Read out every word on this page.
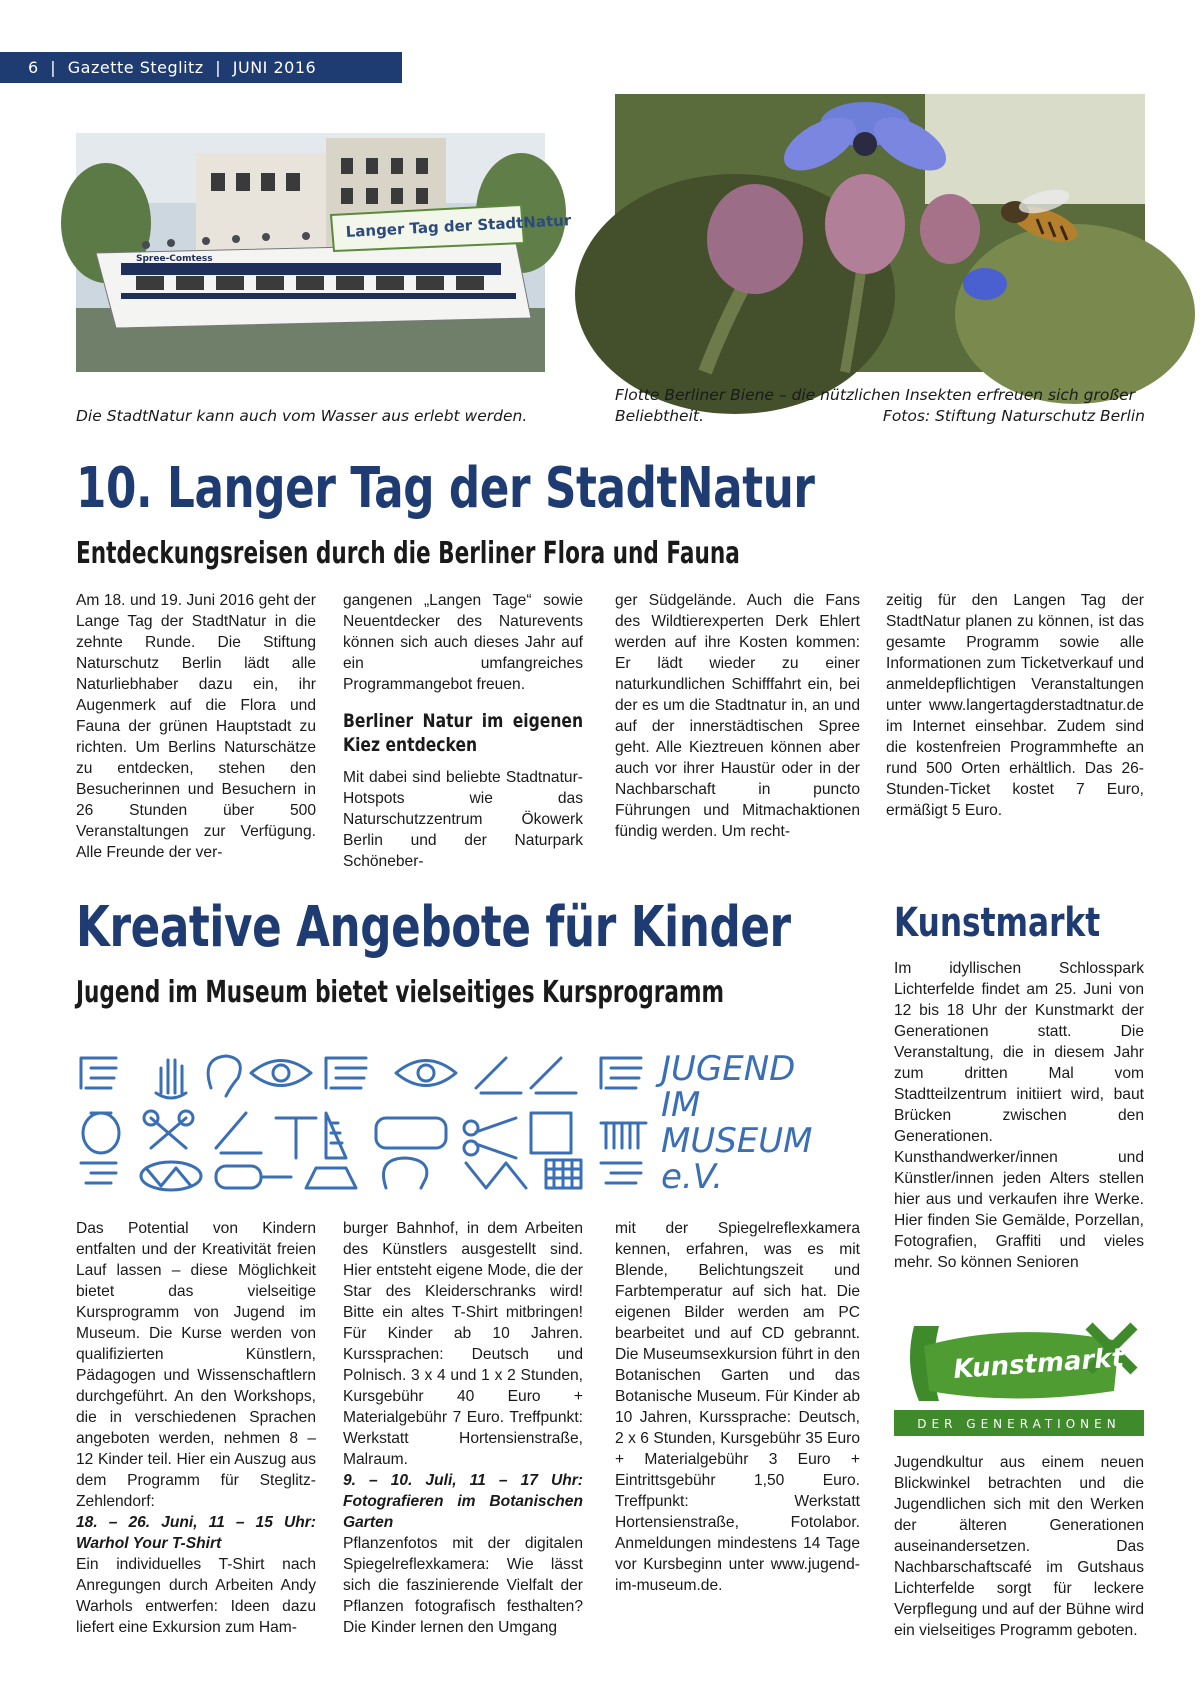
6 | Gazette Steglitz | JUNI 2016
Langer Tag der StadtNatur
Spree-Comtess
Die StadtNatur kann auch vom Wasser aus erlebt werden.
Flotte Berliner Biene – die nützlichen Insekten erfreuen sich großer
Beliebtheit.	Fotos: Stiftung Naturschutz Berlin
10. Langer Tag der StadtNatur
Entdeckungsreisen durch die Berliner Flora und Fauna
Am 18. und 19. Juni 2016 geht der Lange Tag der StadtNatur in die zehnte Runde. Die Stiftung Naturschutz Berlin lädt alle Naturliebhaber dazu ein, ihr Augenmerk auf die Flora und Fauna der grünen Hauptstadt zu richten. Um Berlins Naturschätze zu entdecken, stehen den Besucherinnen und Besuchern in 26 Stunden über 500 Veranstaltungen zur Verfügung. Alle Freunde der ver-
gangenen „Langen Tage“ sowie Neuentdecker des Naturevents können sich auch dieses Jahr auf ein umfangreiches Programmangebot freuen.
Berliner Natur im eigenen Kiez entdecken
Mit dabei sind beliebte Stadtnatur-Hotspots wie das Naturschutzzentrum Ökowerk Berlin und der Naturpark Schöneber-
ger Südgelände. Auch die Fans des Wildtierexperten Derk Ehlert werden auf ihre Kosten kommen: Er lädt wieder zu einer naturkundlichen Schifffahrt ein, bei der es um die Stadtnatur in, an und auf der innerstädtischen Spree geht. Alle Kieztreuen können aber auch vor ihrer Haustür oder in der Nachbarschaft in puncto Führungen und Mitmachaktionen fündig werden. Um recht-
zeitig für den Langen Tag der StadtNatur planen zu können, ist das gesamte Programm sowie alle Informationen zum Ticketverkauf und anmeldepflichtigen Veranstaltungen unter www.langertagderstadtnatur.de im Internet einsehbar. Zudem sind die kostenfreien Programmhefte an rund 500 Orten erhältlich. Das 26-Stunden-Ticket kostet 7 Euro, ermäßigt 5 Euro.
Kreative Angebote für Kinder
Jugend im Museum bietet vielseitiges Kursprogramm
JUGEND
IM
MUSEUM
e.V.
Das Potential von Kindern entfalten und der Kreativität freien Lauf lassen – diese Möglichkeit bietet das vielseitige Kursprogramm von Jugend im Museum. Die Kurse werden von qualifizierten Künstlern, Pädagogen und Wissenschaftlern durchgeführt. An den Workshops, die in verschiedenen Sprachen angeboten werden, nehmen 8 – 12 Kinder teil. Hier ein Auszug aus dem Programm für Steglitz-Zehlendorf:
18. – 26. Juni, 11 – 15 Uhr: Warhol Your T-Shirt
Ein individuelles T-Shirt nach Anregungen durch Arbeiten Andy Warhols entwerfen: Ideen dazu liefert eine Exkursion zum Ham-
burger Bahnhof, in dem Arbeiten des Künstlers ausgestellt sind. Hier entsteht eigene Mode, die der Star des Kleiderschranks wird! Bitte ein altes T-Shirt mitbringen! Für Kinder ab 10 Jahren. Kurssprachen: Deutsch und Polnisch. 3 x 4 und 1 x 2 Stunden, Kursgebühr 40 Euro + Materialgebühr 7 Euro. Treffpunkt: Werkstatt Hortensienstraße, Malraum.
9. – 10. Juli, 11 – 17 Uhr: Fotografieren im Botanischen Garten
Pflanzenfotos mit der digitalen Spiegelreflexkamera: Wie lässt sich die faszinierende Vielfalt der Pflanzen fotografisch festhalten? Die Kinder lernen den Umgang
mit der Spiegelreflexkamera kennen, erfahren, was es mit Blende, Belichtungszeit und Farbtemperatur auf sich hat. Die eigenen Bilder werden am PC bearbeitet und auf CD gebrannt. Die Museumsexkursion führt in den Botanischen Garten und das Botanische Museum. Für Kinder ab 10 Jahren, Kurssprache: Deutsch, 2 x 6 Stunden, Kursgebühr 35 Euro + Materialgebühr 3 Euro + Eintrittsgebühr 1,50 Euro. Treffpunkt: Werkstatt Hortensienstraße, Fotolabor. Anmeldungen mindestens 14 Tage vor Kursbeginn unter www.jugend-im-museum.de.
Kunstmarkt
Im idyllischen Schlosspark Lichterfelde findet am 25. Juni von 12 bis 18 Uhr der Kunstmarkt der Generationen statt. Die Veranstaltung, die in diesem Jahr zum dritten Mal vom Stadtteilzentrum initiiert wird, baut Brücken zwischen den Generationen. Kunsthandwerker/innen und Künstler/innen jeden Alters stellen hier aus und verkaufen ihre Werke. Hier finden Sie Gemälde, Porzellan, Fotografien, Graffiti und vieles mehr. So können Senioren
Kunstmarkt
DER GENERATIONEN
Jugendkultur aus einem neuen Blickwinkel betrachten und die Jugendlichen sich mit den Werken der älteren Generationen auseinandersetzen. Das Nachbarschaftscafé im Gutshaus Lichterfelde sorgt für leckere Verpflegung und auf der Bühne wird ein vielseitiges Programm geboten.
